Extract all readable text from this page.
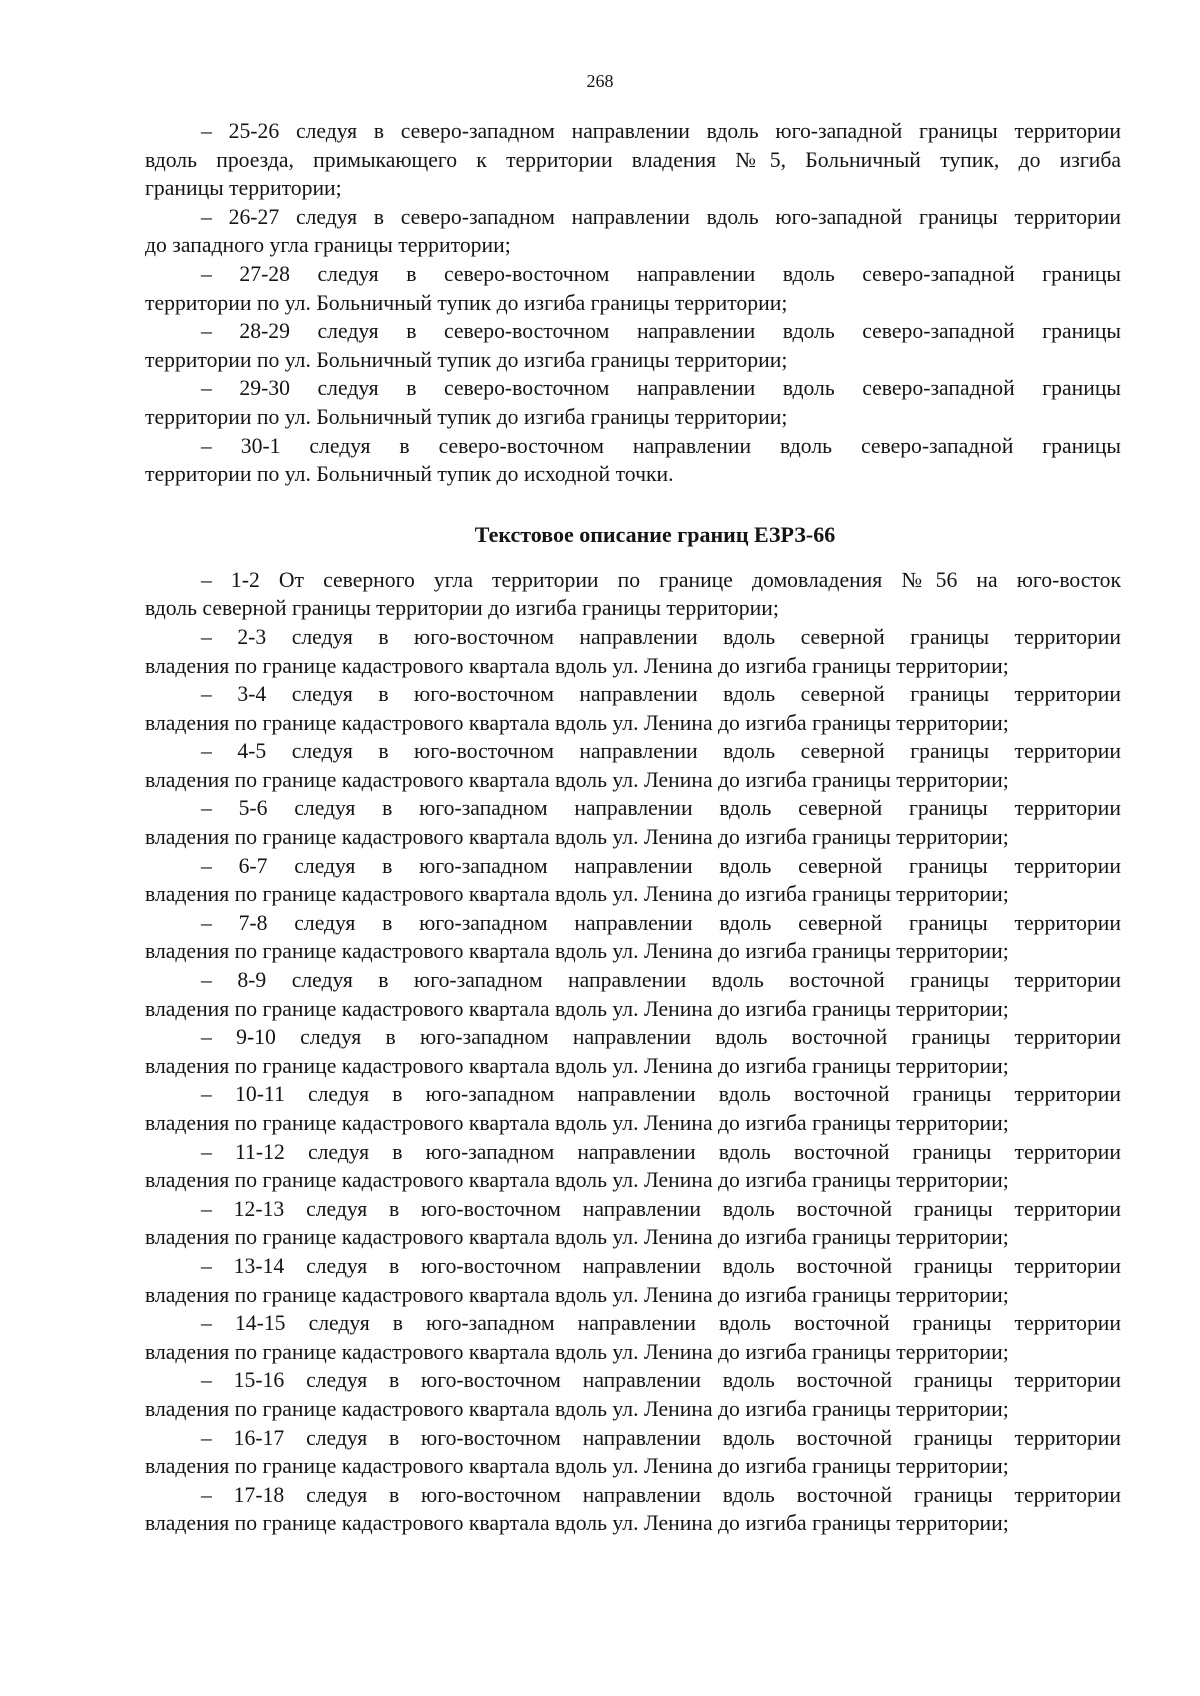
268
– 25-26 следуя в северо-западном направлении вдоль юго-западной границы территории
вдоль проезда, примыкающего к территории владения №5, Больничный тупик, до изгиба
границы территории;
– 26-27 следуя в северо-западном направлении вдоль юго-западной границы территории
до западного угла границы территории;
– 27-28 следуя в северо-восточном направлении вдоль северо-западной границы
территории по ул. Больничный тупик до изгиба границы территории;
– 28-29 следуя в северо-восточном направлении вдоль северо-западной границы
территории по ул. Больничный тупик до изгиба границы территории;
– 29-30 следуя в северо-восточном направлении вдоль северо-западной границы
территории по ул. Больничный тупик до изгиба границы территории;
– 30-1 следуя в северо-восточном направлении вдоль северо-западной границы
территории по ул. Больничный тупик до исходной точки.
Текстовое описание границ ЕЗРЗ-66
– 1-2 От северного угла территории по границе домовладения №56 на юго-восток
вдоль северной границы территории до изгиба границы территории;
– 2-3 следуя в юго-восточном направлении вдоль северной границы территории
владения по границе кадастрового квартала вдоль ул. Ленина до изгиба границы территории;
– 3-4 следуя в юго-восточном направлении вдоль северной границы территории
владения по границе кадастрового квартала вдоль ул. Ленина до изгиба границы территории;
– 4-5 следуя в юго-восточном направлении вдоль северной границы территории
владения по границе кадастрового квартала вдоль ул. Ленина до изгиба границы территории;
– 5-6 следуя в юго-западном направлении вдоль северной границы территории
владения по границе кадастрового квартала вдоль ул. Ленина до изгиба границы территории;
– 6-7 следуя в юго-западном направлении вдоль северной границы территории
владения по границе кадастрового квартала вдоль ул. Ленина до изгиба границы территории;
– 7-8 следуя в юго-западном направлении вдоль северной границы территории
владения по границе кадастрового квартала вдоль ул. Ленина до изгиба границы территории;
– 8-9 следуя в юго-западном направлении вдоль восточной границы территории
владения по границе кадастрового квартала вдоль ул. Ленина до изгиба границы территории;
– 9-10 следуя в юго-западном направлении вдоль восточной границы территории
владения по границе кадастрового квартала вдоль ул. Ленина до изгиба границы территории;
– 10-11 следуя в юго-западном направлении вдоль восточной границы территории
владения по границе кадастрового квартала вдоль ул. Ленина до изгиба границы территории;
– 11-12 следуя в юго-западном направлении вдоль восточной границы территории
владения по границе кадастрового квартала вдоль ул. Ленина до изгиба границы территории;
– 12-13 следуя в юго-восточном направлении вдоль восточной границы территории
владения по границе кадастрового квартала вдоль ул. Ленина до изгиба границы территории;
– 13-14 следуя в юго-восточном направлении вдоль восточной границы территории
владения по границе кадастрового квартала вдоль ул. Ленина до изгиба границы территории;
– 14-15 следуя в юго-западном направлении вдоль восточной границы территории
владения по границе кадастрового квартала вдоль ул. Ленина до изгиба границы территории;
– 15-16 следуя в юго-восточном направлении вдоль восточной границы территории
владения по границе кадастрового квартала вдоль ул. Ленина до изгиба границы территории;
– 16-17 следуя в юго-восточном направлении вдоль восточной границы территории
владения по границе кадастрового квартала вдоль ул. Ленина до изгиба границы территории;
– 17-18 следуя в юго-восточном направлении вдоль восточной границы территории
владения по границе кадастрового квартала вдоль ул. Ленина до изгиба границы территории;
